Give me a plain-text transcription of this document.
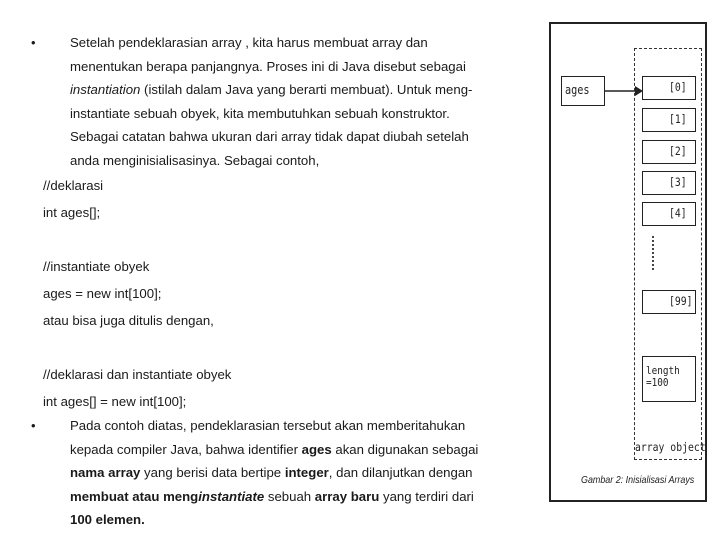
•	Setelah pendeklarasian array , kita harus membuat array dan
menentukan berapa panjangnya. Proses ini di Java disebut sebagai
instantiation (istilah dalam Java yang berarti membuat). Untuk meng-
instantiate sebuah obyek, kita membutuhkan sebuah konstruktor.
Sebagai catatan bahwa ukuran dari array tidak dapat diubah setelah
anda menginisialisasinya. Sebagai contoh,
//deklarasi
int ages[];
//instantiate obyek
ages = new int[100];
atau bisa juga ditulis dengan,
//deklarasi dan instantiate obyek
int ages[] = new int[100];
•	Pada contoh diatas, pendeklarasian tersebut akan memberitahukan
kepada compiler Java, bahwa identifier ages akan digunakan sebagai
nama array yang berisi data bertipe integer, dan dilanjutkan dengan
membuat atau menginstantiate sebuah array baru yang terdiri dari
100 elemen.
ages	[0]
[1]
[2]
[3]
[4]
[99]
length
=100
array object
Gambar 2: Inisialisasi Arrays
